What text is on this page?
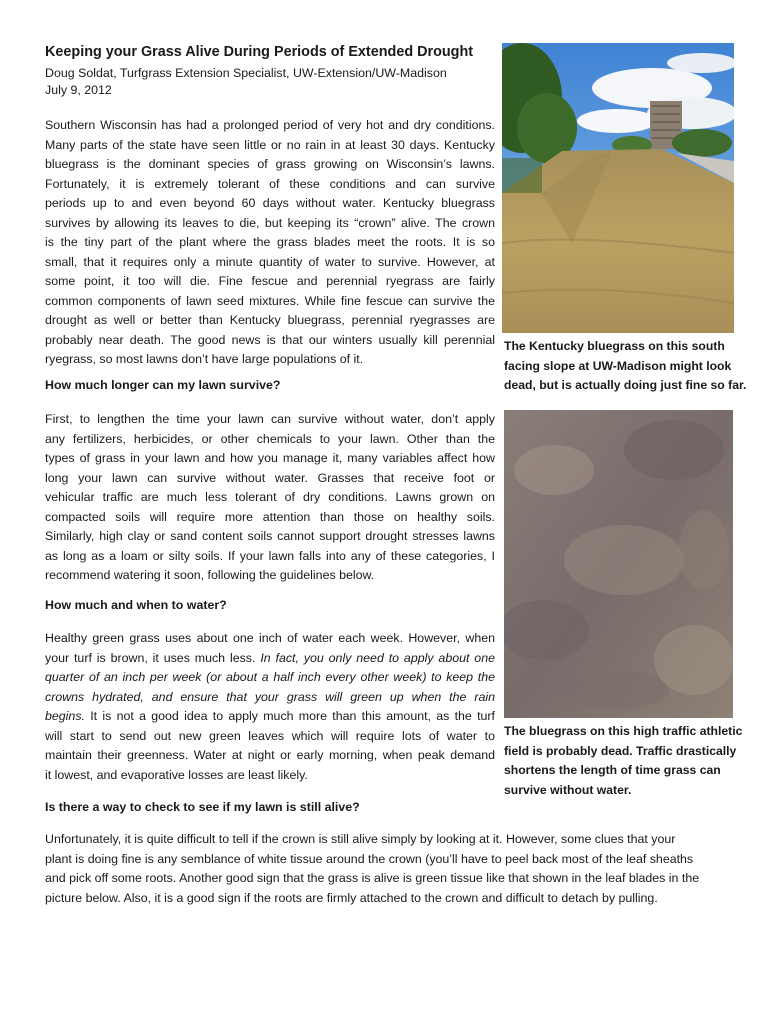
Keeping your Grass Alive During Periods of Extended Drought
Doug Soldat, Turfgrass Extension Specialist, UW-Extension/UW-Madison
July 9, 2012
Southern Wisconsin has had a prolonged period of very hot and dry conditions.
Many parts of the state have seen little or no rain in at least 30 days. Kentucky
bluegrass is the dominant species of grass growing on Wisconsin’s lawns.
Fortunately, it is extremely tolerant of these conditions and can survive
periods up to and even beyond 60 days without water. Kentucky bluegrass
survives by allowing its leaves to die, but keeping its “crown” alive. The crown
is the tiny part of the plant where the grass blades meet the roots. It is so
small, that it requires only a minute quantity of water to survive. However, at
some point, it too will die. Fine fescue and perennial ryegrass are fairly
common components of lawn seed mixtures. While fine fescue can survive the
drought as well or better than Kentucky bluegrass, perennial ryegrasses are
probably near death. The good news is that our winters usually kill perennial
ryegrass, so most lawns don’t have large populations of it.
How much longer can my lawn survive?
First, to lengthen the time your lawn can survive without water, don’t apply
any fertilizers, herbicides, or other chemicals to your lawn. Other than the
types of grass in your lawn and how you manage it, many variables affect how
long your lawn can survive without water. Grasses that receive foot or
vehicular traffic are much less tolerant of dry conditions. Lawns grown on
compacted soils will require more attention than those on healthy soils.
Similarly, high clay or sand content soils cannot support drought stresses lawns
as long as a loam or silty soils. If your lawn falls into any of these categories, I
recommend watering it soon, following the guidelines below.
How much and when to water?
Healthy green grass uses about one inch of water each week. However, when
your turf is brown, it uses much less. In fact, you only need to apply about one
quarter of an inch per week (or about a half inch every other week) to keep the
crowns hydrated, and ensure that your grass will green up when the rain
begins. It is not a good idea to apply much more than this amount, as the turf
will start to send out new green leaves which will require lots of water to
maintain their greenness. Water at night or early morning, when peak demand
it lowest, and evaporative losses are least likely.
Is there a way to check to see if my lawn is still alive?
Unfortunately, it is quite difficult to tell if the crown is still alive simply by looking at it. However, some clues that your
plant is doing fine is any semblance of white tissue around the crown (you’ll have to peel back most of the leaf sheaths
and pick off some roots. Another good sign that the grass is alive is green tissue like that shown in the leaf blades in the
picture below. Also, it is a good sign if the roots are firmly attached to the crown and difficult to detach by pulling.
The Kentucky bluegrass on this south
facing slope at UW-Madison might look
dead, but is actually doing just fine so far.
The bluegrass on this high traffic athletic
field is probably dead. Traffic drastically
shortens the length of time grass can
survive without water.
